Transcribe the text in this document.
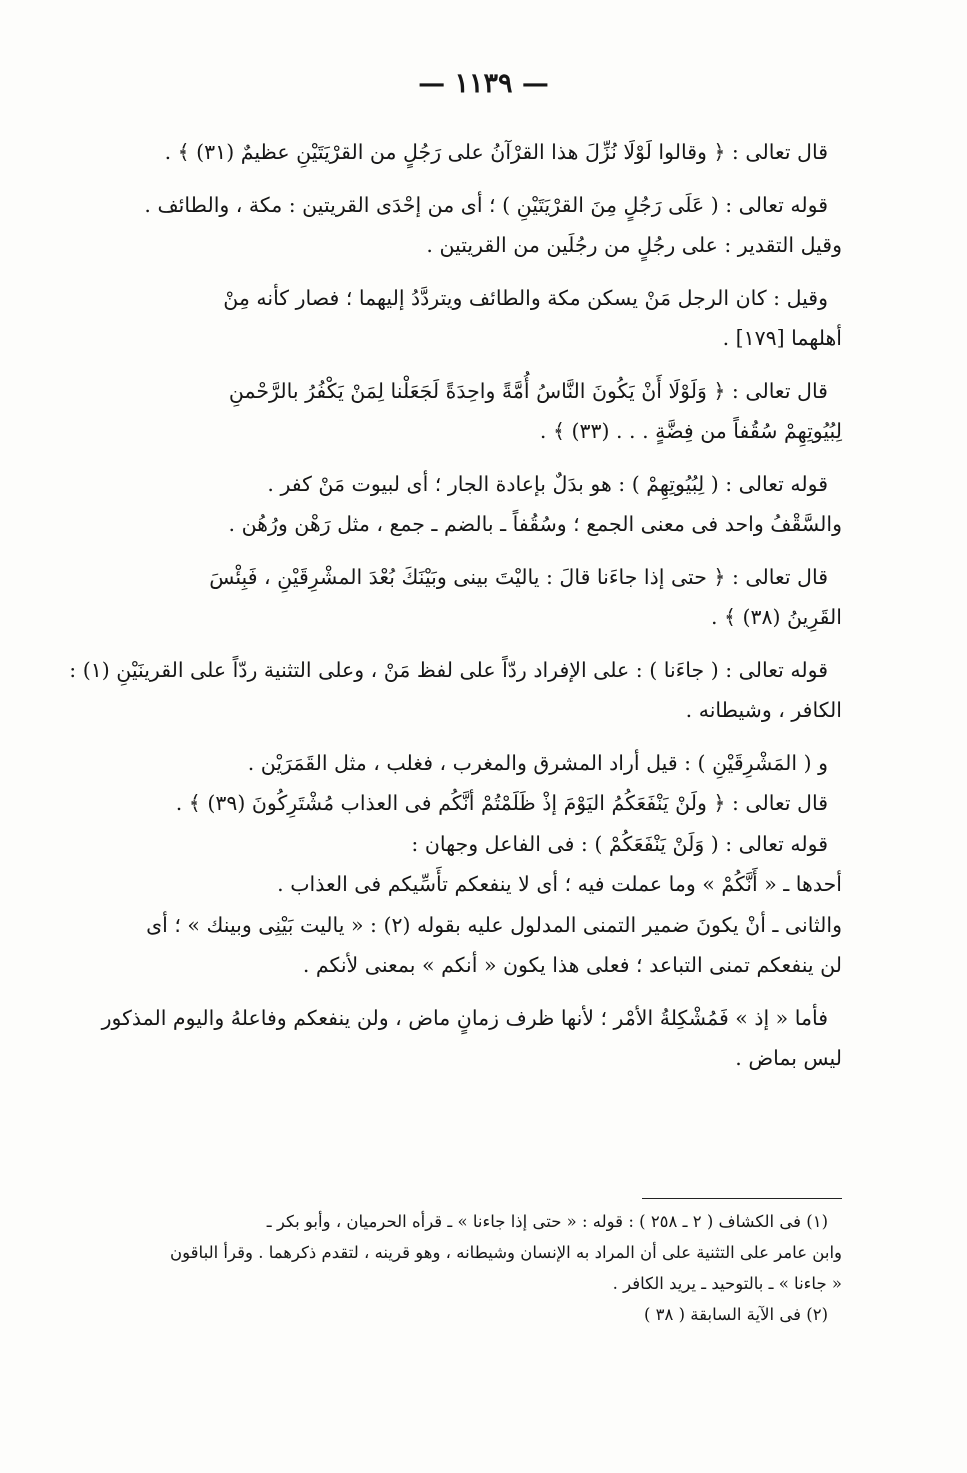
— ١١٣٩ —

قال تعالى : ﴿ وقالوا لَوْلَا نُزِّلَ هذا القرْآنُ على رَجُلٍ من القرْيَتَيْنِ عظيمٌ (٣١) ﴾ .

قوله تعالى : ( عَلَى رَجُلٍ مِنَ القرْيَتَيْنِ ) ؛ أى من إحْدَى القريتين : مكة ، والطائف .

وقيل التقدير : على رجُلٍ من رجُلَين من القريتين .

وقيل : كان الرجل مَنْ يسكن مكة والطائف ويتردَّدُ إليهما ؛ فصار كأنه مِنْ

أهلهما [١٧٩] .

قال تعالى : ﴿ وَلَوْلَا أَنْ يَكُونَ النَّاسُ أُمَّةً واحِدَةً لَجَعَلْنا لِمَنْ يَكْفُرُ بالرَّحْمنِ

لِبُيُوتِهِمْ سُقُفاً من فِضَّةٍ . . . (٣٣) ﴾ .

قوله تعالى : ( لِبُيُوتِهِمْ ) : هو بدَلٌ بإعادة الجار ؛ أى لبيوت مَنْ كفر .

والسَّقْفُ واحد فى معنى الجمع ؛ وسُقُفاً ـ بالضم ـ جمع ، مثل رَهْن ورُهُن .

قال تعالى : ﴿ حتى إذا جاءَنا قالَ : ياليْتَ بينى وبَيْنَكَ بُعْدَ المشْرِقَيْنِ ، فَبِئْسَ

القَرِينُ (٣٨) ﴾ .

قوله تعالى : ( جاءَنا ) : على الإفراد ردّاً على لفظ مَنْ ، وعلى التثنية ردّاً على القرينَيْنِ (١) :

الكافر ، وشيطانه .

و ( المَشْرِقَيْنِ ) : قيل أراد المشرق والمغرب ، فغلب ، مثل القَمَرَيْن .

قال تعالى : ﴿ ولَنْ يَنْفَعَكُمُ اليَوْمَ إذْ ظَلَمْتُمْ أنَّكُم فى العذاب مُشْتَرِكُونَ (٣٩) ﴾ .

قوله تعالى : ( وَلَنْ يَنْفَعَكُمْ ) : فى الفاعل وجهان :

أحدها ـ « أَنَّكُمْ » وما عملت فيه ؛ أى لا ينفعكم تأَسِّيكم فى العذاب .

والثانى ـ أنْ يكونَ ضمير التمنى المدلول عليه بقوله (٢) : « ياليت بَيْنِى وبينك » ؛ أى

لن ينفعكم تمنى التباعد ؛ فعلى هذا يكون « أنكم » بمعنى لأنكم .

فأما « إذ » فَمُشْكِلةُ الأمْر ؛ لأنها ظرف زمانٍ ماض ، ولن ينفعكم وفاعلهُ واليوم المذكور

ليس بماض .

(١) فى الكشاف ( ٢ ـ ٢٥٨ ) : قوله : « حتى إذا جاءنا » ـ قرأه الحرميان ، وأبو بكر ـ

وابن عامر على التثنية على أن المراد به الإنسان وشيطانه ، وهو قرينه ، لتقدم ذكرهما . وقرأ الباقون

« جاءنا » ـ بالتوحيد ـ يريد الكافر .

(٢) فى الآية السابقة ( ٣٨ )
